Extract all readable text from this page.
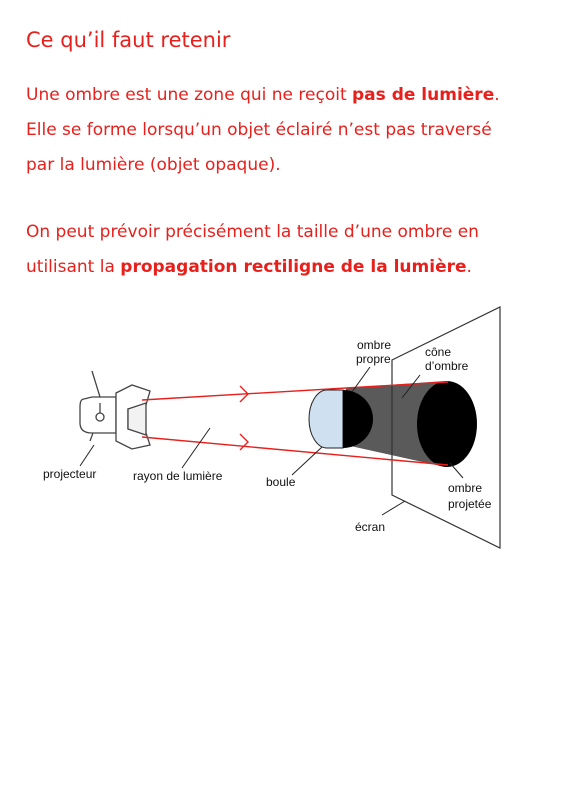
Ce qu’il faut retenir
Une ombre est une zone qui ne reçoit pas de lumière.
Elle se forme lorsqu’un objet éclairé n’est pas traversé
par la lumière (objet opaque).
On peut prévoir précisément la taille d’une ombre en
utilisant la propagation rectiligne de la lumière.
projecteur	rayon de lumière	boule
ombre
propre	cône
d’ombre
ombre
projetée
écran
